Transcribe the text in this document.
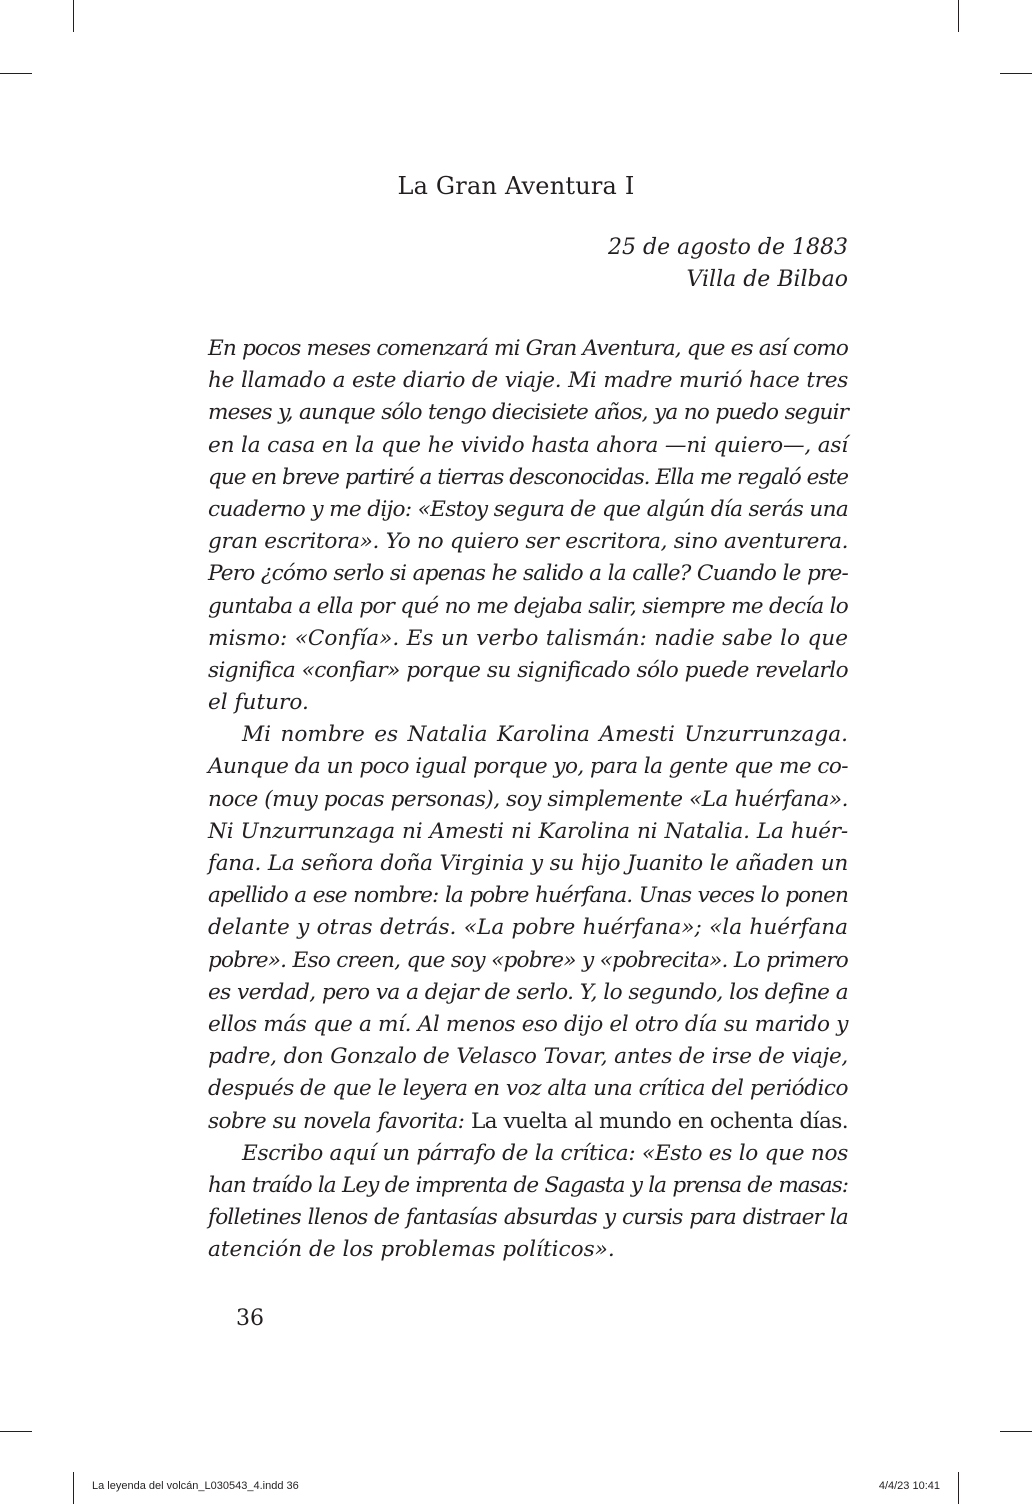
La Gran Aventura I
25 de agosto de 1883
Villa de Bilbao
En pocos meses comenzará mi Gran Aventura, que es así como
he llamado a este diario de viaje. Mi madre murió hace tres
meses y, aunque sólo tengo diecisiete años, ya no puedo seguir
en la casa en la que he vivido hasta ahora —ni quiero—, así
que en breve partiré a tierras desconocidas. Ella me regaló este
cuaderno y me dijo: «Estoy segura de que algún día serás una
gran escritora». Yo no quiero ser escritora, sino aventurera.
Pero ¿cómo serlo si apenas he salido a la calle? Cuando le pre-
guntaba a ella por qué no me dejaba salir, siempre me decía lo
mismo: «Confía». Es un verbo talismán: nadie sabe lo que
significa «confiar» porque su significado sólo puede revelarlo
el futuro.
Mi nombre es Natalia Karolina Amesti Unzurrunzaga.
Aunque da un poco igual porque yo, para la gente que me co-
noce (muy pocas personas), soy simplemente «La huérfana».
Ni Unzurrunzaga ni Amesti ni Karolina ni Natalia. La huér-
fana. La señora doña Virginia y su hijo Juanito le añaden un
apellido a ese nombre: la pobre huérfana. Unas veces lo ponen
delante y otras detrás. «La pobre huérfana»; «la huérfana
pobre». Eso creen, que soy «pobre» y «pobrecita». Lo primero
es verdad, pero va a dejar de serlo. Y, lo segundo, los define a
ellos más que a mí. Al menos eso dijo el otro día su marido y
padre, don Gonzalo de Velasco Tovar, antes de irse de viaje,
después de que le leyera en voz alta una crítica del periódico
sobre su novela favorita: La vuelta al mundo en ochenta días.
Escribo aquí un párrafo de la crítica: «Esto es lo que nos
han traído la Ley de imprenta de Sagasta y la prensa de masas:
folletines llenos de fantasías absurdas y cursis para distraer la
atención de los problemas políticos».
36
La leyenda del volcán_L030543_4.indd 36	4/4/23 10:41
